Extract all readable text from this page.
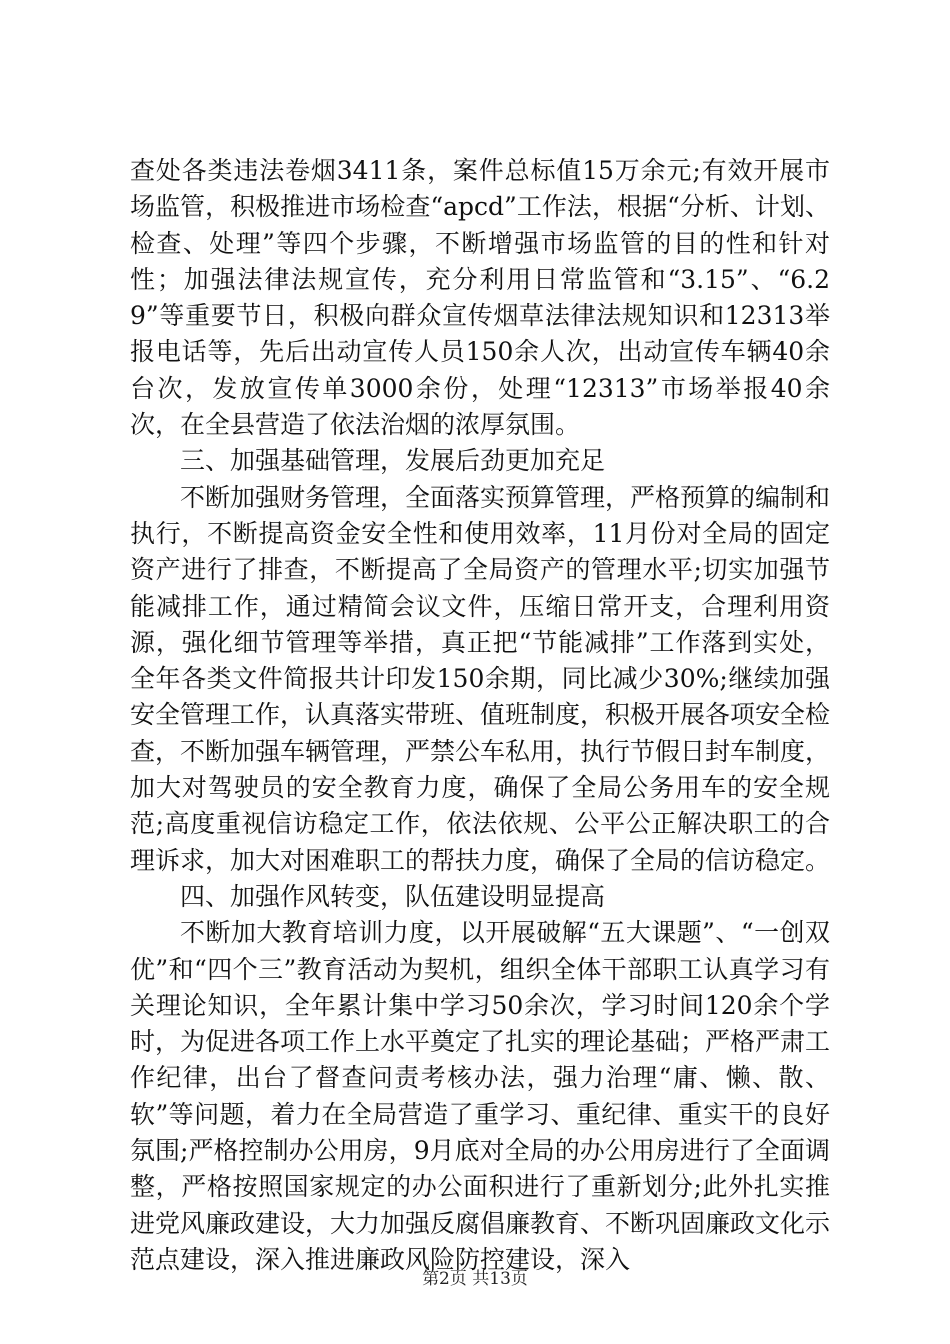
查处各类违法卷烟3411条，案件总标值15万余元;有效开展市场监管，积极推进市场检查“apcd”工作法，根据“分析、计划、检查、处理”等四个步骤，不断增强市场监管的目的性和针对性；加强法律法规宣传，充分利用日常监管和“3.15”、“6.29”等重要节日，积极向群众宣传烟草法律法规知识和12313举报电话等，先后出动宣传人员150余人次，出动宣传车辆40余台次，发放宣传单3000余份，处理“12313”市场举报40余次，在全县营造了依法治烟的浓厚氛围。

三、加强基础管理，发展后劲更加充足

不断加强财务管理，全面落实预算管理，严格预算的编制和执行，不断提高资金安全性和使用效率，11月份对全局的固定资产进行了排查，不断提高了全局资产的管理水平;切实加强节能减排工作，通过精简会议文件，压缩日常开支，合理利用资源，强化细节管理等举措，真正把“节能减排”工作落到实处，全年各类文件简报共计印发150余期，同比减少30%;继续加强安全管理工作，认真落实带班、值班制度，积极开展各项安全检查，不断加强车辆管理，严禁公车私用，执行节假日封车制度，加大对驾驶员的安全教育力度，确保了全局公务用车的安全规范;高度重视信访稳定工作，依法依规、公平公正解决职工的合理诉求，加大对困难职工的帮扶力度，确保了全局的信访稳定。

四、加强作风转变，队伍建设明显提高

不断加大教育培训力度，以开展破解“五大课题”、“一创双优”和“四个三”教育活动为契机，组织全体干部职工认真学习有关理论知识，全年累计集中学习50余次，学习时间120余个学时，为促进各项工作上水平奠定了扎实的理论基础；严格严肃工作纪律，出台了督查问责考核办法，强力治理“庸、懒、散、软”等问题，着力在全局营造了重学习、重纪律、重实干的良好氛围;严格控制办公用房，9月底对全局的办公用房进行了全面调整，严格按照国家规定的办公面积进行了重新划分;此外扎实推进党风廉政建设，大力加强反腐倡廉教育、不断巩固廉政文化示范点建设，深入推进廉政风险防控建设，深入

第2页 共13页
